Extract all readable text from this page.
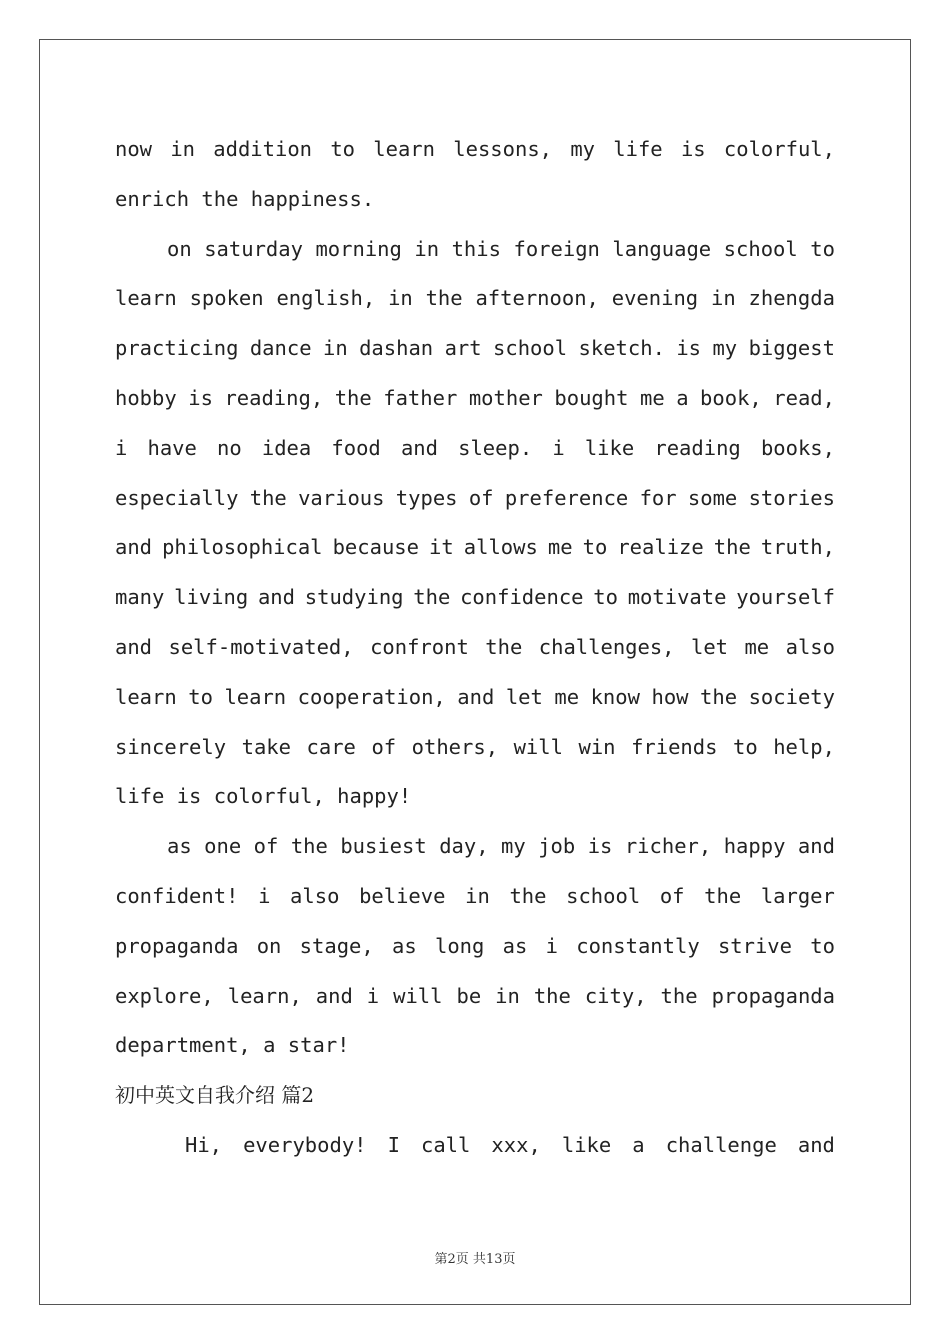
now in addition to learn lessons, my life is colorful,
enrich the happiness.
on saturday morning in this foreign language school to
learn spoken english, in the afternoon, evening in zhengda
practicing dance in dashan art school sketch. is my biggest
hobby is reading, the father mother bought me a book, read,
i have no idea food and sleep. i like reading books,
especially the various types of preference for some stories
and philosophical because it allows me to realize the truth,
many living and studying the confidence to motivate yourself
and self-motivated, confront the challenges, let me also
learn to learn cooperation, and let me know how the society
sincerely take care of others, will win friends to help,
life is colorful, happy!
as one of the busiest day, my job is richer, happy and
confident! i also believe in the school of the larger
propaganda on stage, as long as i constantly strive to
explore, learn, and i will be in the city, the propaganda
department, a star!
初中英文自我介绍 篇2
Hi, everybody! I call xxx, like a challenge and
第2页 共13页
